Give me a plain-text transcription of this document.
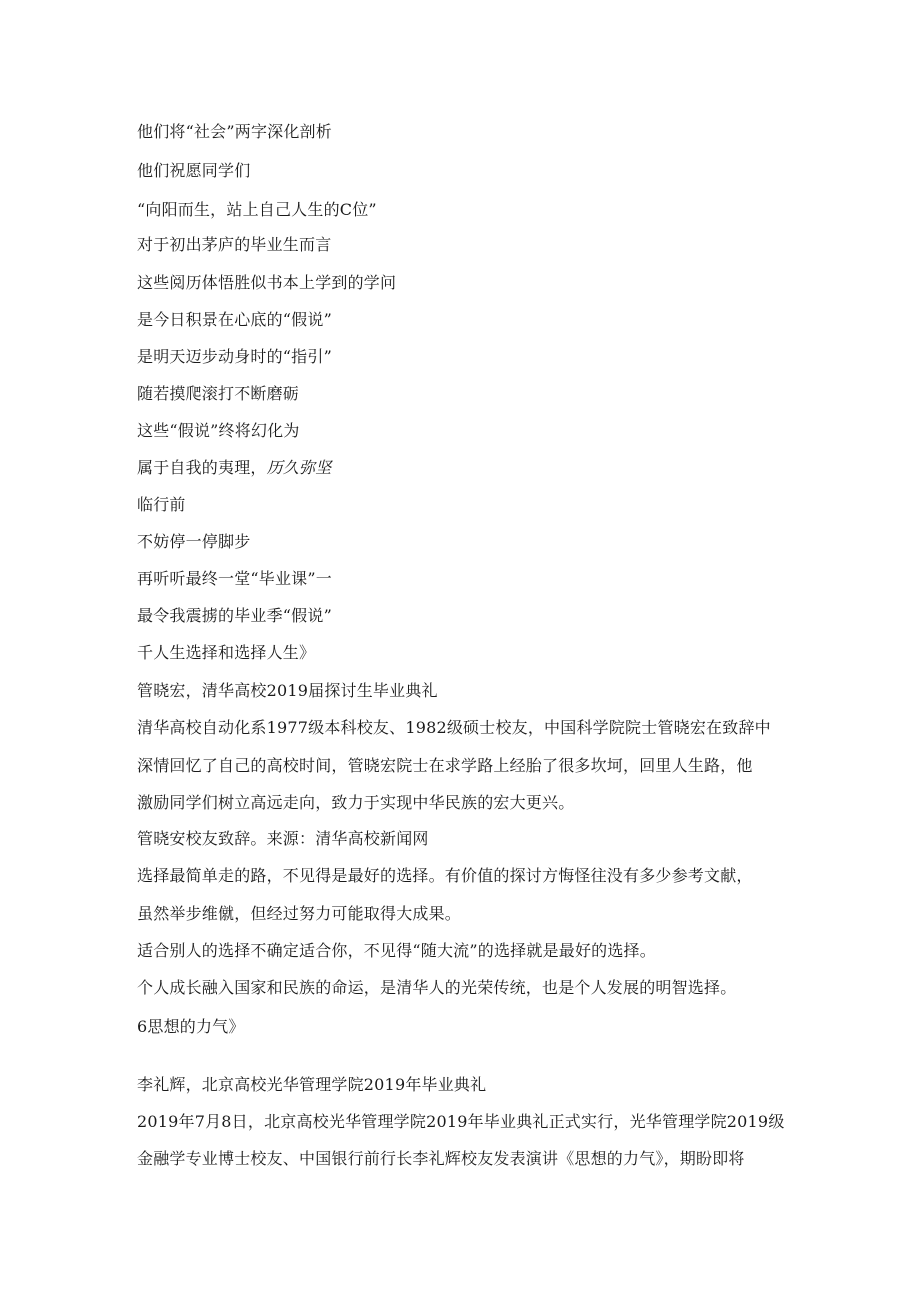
他们将“社会”两字深化剖析
他们祝愿同学们
“向阳而生，站上自己人生的C位”
对于初出茅庐的毕业生而言
这些阅历体悟胜似书本上学到的学问
是今日积景在心底的“假说”
是明天迈步动身时的“指引”
随若摸爬滚打不断磨砺
这些“假说”终将幻化为
属于自我的夷理，历久弥坚
临行前
不妨停一停脚步
再听听最终一堂“毕业课”一
最令我震掳的毕业季“假说”
千人生选择和选择人生》
管晓宏，清华高校2019届探讨生毕业典礼
清华高校自动化系1977级本科校友、1982级硕士校友，中国科学院院士管晓宏在致辞中
深情回忆了自己的高校时间，管晓宏院士在求学路上经胎了很多坎坷，回里人生路，他
激励同学们树立高远走向，致力于实现中华民族的宏大更兴。
管晓安校友致辞。来源：清华高校新闻网
选择最简单走的路，不见得是最好的选择。有价值的探讨方悔怪往没有多少参考文献，
虽然举步维僦，但经过努力可能取得大成果。
适合别人的选择不确定适合你，不见得“随大流”的选择就是最好的选择。
个人成长融入国家和民族的命运，是清华人的光荣传统，也是个人发展的明智选择。
6思想的力气》
李礼辉，北京高校光华管理学院2019年毕业典礼
2019年7月8日，北京高校光华管理学院2019年毕业典礼正式实行，光华管理学院2019级
金融学专业博士校友、中国银行前行长李礼辉校友发表演讲《思想的力气》，期盼即将
